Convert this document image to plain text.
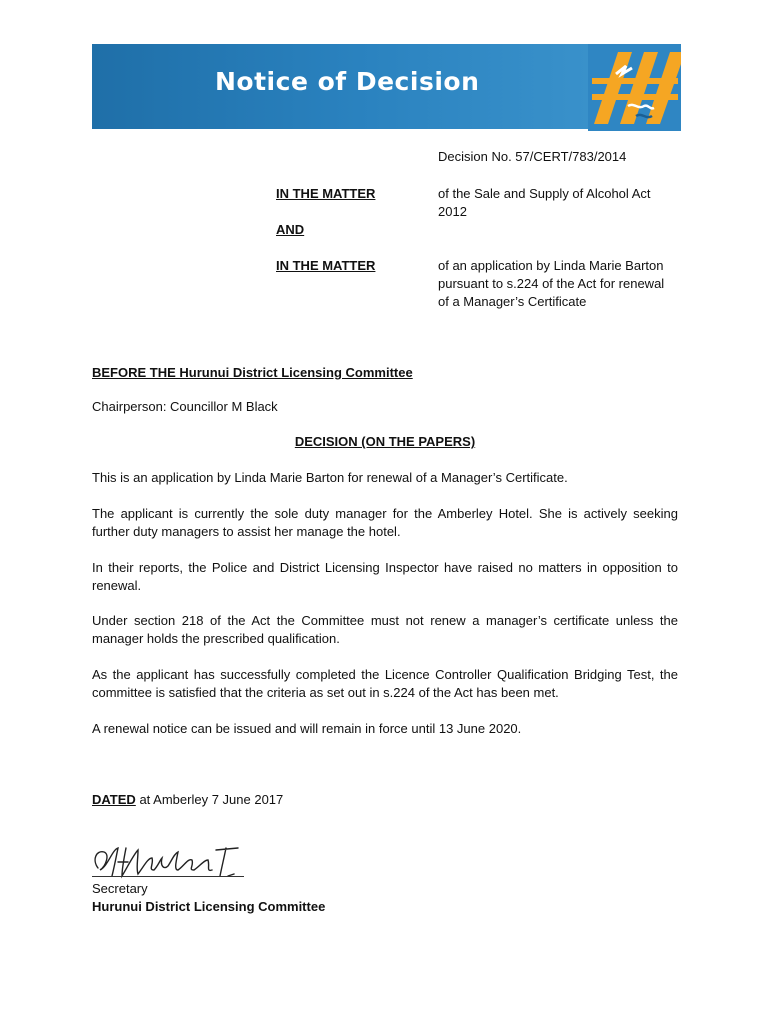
Notice of Decision
Decision No. 57/CERT/783/2014
IN THE MATTER	of the Sale and Supply of Alcohol Act 2012
AND
IN THE MATTER	of an application by Linda Marie Barton pursuant to s.224 of the Act for renewal of a Manager’s Certificate
BEFORE THE Hurunui District Licensing Committee
Chairperson: Councillor M Black
DECISION (ON THE PAPERS)
This is an application by Linda Marie Barton for renewal of a Manager’s Certificate.
The applicant is currently the sole duty manager for the Amberley Hotel. She is actively seeking further duty managers to assist her manage the hotel.
In their reports, the Police and District Licensing Inspector have raised no matters in opposition to renewal.
Under section 218 of the Act the Committee must not renew a manager’s certificate unless the manager holds the prescribed qualification.
As the applicant has successfully completed the Licence Controller Qualification Bridging Test, the committee is satisfied that the criteria as set out in s.224 of the Act has been met.
A renewal notice can be issued and will remain in force until 13 June 2020.
DATED at Amberley 7 June 2017
Secretary
Hurunui District Licensing Committee
